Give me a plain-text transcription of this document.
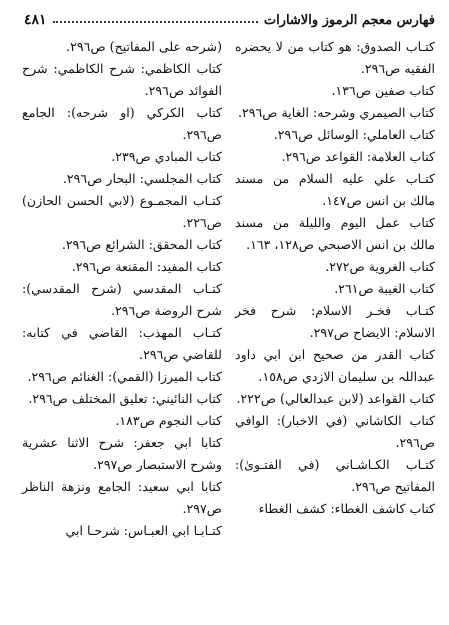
فهارس معجم الرموز والاشارات
٤٨١
كتـاب الصدوق: هو كتاب من لا يحضره الفقيه ص٢٩٦.
كتاب صفين ص١٣٦.
كتاب الصيمري وشرحه: الغاية ص٢٩٦.
كتاب العاملي: الوسائل ص٢٩٦.
كتاب العلامة: القواعد ص٢٩٦.
كتـاب علي عليه السلام من مسند مالك بن انس ص١٤٧.
كتاب عمل اليوم والليلة من مسند مالك بن انس الاصبحي ص١٢٨، ١٦٣.
كتاب الغروية ص٢٧٢.
كتاب الغيبة ص٢٦١.
كتـاب فخـر الاسلام: شرح فخر الاسلام: الايضاح ص٢٩٧.
كتاب القدر من صحيح ابن ابي داود عبداللہ بن سليمان الازدي ص١٥٨.
كتاب القواعد (لابن عبدالعالي) ص٢٢٢.
كتاب الكاشاني (في الاخبار): الوافي ص٢٩٦.
كتـاب الكـاشـاني (في الفتـوىٰ): المفاتيح ص٢٩٦.
كتاب كاشف الغطاء: كشف الغطاء
(شرحه على المفاتيح) ص٢٩٦.
كتاب الكاظمي: شرح الكاظمي: شرح الفوائد ص٢٩٦.
كتاب الكركي (او شرحه): الجامع ص٢٩٦.
كتاب المبادي ص٢٣٩.
كتاب المجلسي: البحار ص٢٩٦.
كتـاب المجمـوع (لابي الحسن الحازن) ص٢٢٦.
كتاب المحقق: الشرائع ص٢٩٦.
كتاب المفيد: المقنعة ص٢٩٦.
كتـاب المقدسي (شرح المقدسي): شرح الروضة ص٢٩٦.
كتـاب المهذب: القاضي في كتابه: للقاضي ص٢٩٦.
كتاب الميرزا (القمي): الغنائم ص٢٩٦.
كتاب النائيني: تعليق المختلف ص٢٩٦.
كتاب النجوم ص١٨٣.
كتابا ابي جعفر: شرح الاثنا عشرية وشرح الاستبصار ص٢٩٧.
كتابا ابي سعيد: الجامع ونزهة الناظر ص٢٩٧.
كتـابـا ابي العبـاس: شرحـا ابي
